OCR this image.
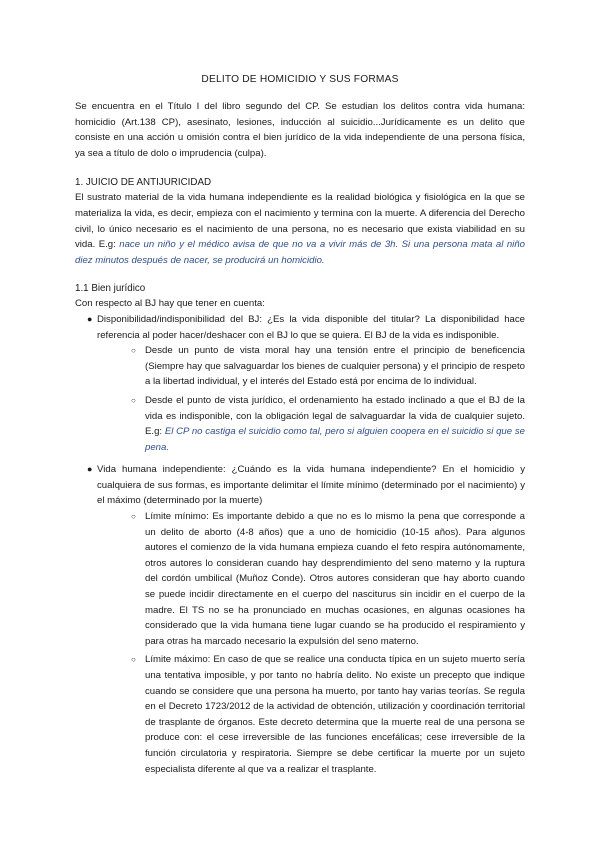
DELITO DE HOMICIDIO Y SUS FORMAS

Se encuentra en el Título I del libro segundo del CP. Se estudian los delitos contra vida humana: homicidio (Art.138 CP), asesinato, lesiones, inducción al suicidio...Jurídicamente es un delito que consiste en una acción u omisión contra el bien jurídico de la vida independiente de una persona física, ya sea a título de dolo o imprudencia (culpa).

1. JUICIO DE ANTIJURICIDAD

El sustrato material de la vida humana independiente es la realidad biológica y fisiológica en la que se materializa la vida, es decir, empieza con el nacimiento y termina con la muerte. A diferencia del Derecho civil, lo único necesario es el nacimiento de una persona, no es necesario que exista viabilidad en su vida. E.g: nace un niño y el médico avisa de que no va a vivir más de 3h. Si una persona mata al niño diez minutos después de nacer, se producirá un homicidio.

1.1 Bien jurídico

Con respecto al BJ hay que tener en cuenta:

● Disponibilidad/indisponibilidad del BJ: ¿Es la vida disponible del titular? La disponibilidad hace referencia al poder hacer/deshacer con el BJ lo que se quiera. El BJ de la vida es indisponible.
○ Desde un punto de vista moral hay una tensión entre el principio de beneficencia (Siempre hay que salvaguardar los bienes de cualquier persona) y el principio de respeto a la libertad individual, y el interés del Estado está por encima de lo individual.
○ Desde el punto de vista jurídico, el ordenamiento ha estado inclinado a que el BJ de la vida es indisponible, con la obligación legal de salvaguardar la vida de cualquier sujeto. E.g: El CP no castiga el suicidio como tal, pero si alguien coopera en el suicidio si que se pena.
● Vida humana independiente: ¿Cuándo es la vida humana independiente? En el homicidio y cualquiera de sus formas, es importante delimitar el límite mínimo (determinado por el nacimiento) y el máximo (determinado por la muerte)
○ Límite mínimo: Es importante debido a que no es lo mismo la pena que corresponde a un delito de aborto (4-8 años) que a uno de homicidio (10-15 años). Para algunos autores el comienzo de la vida humana empieza cuando el feto respira autónomamente, otros autores lo consideran cuando hay desprendimiento del seno materno y la ruptura del cordón umbilical (Muñoz Conde). Otros autores consideran que hay aborto cuando se puede incidir directamente en el cuerpo del nasciturus sin incidir en el cuerpo de la madre. El TS no se ha pronunciado en muchas ocasiones, en algunas ocasiones ha considerado que la vida humana tiene lugar cuando se ha producido el respiramiento y para otras ha marcado necesario la expulsión del seno materno.
○ Límite máximo: En caso de que se realice una conducta típica en un sujeto muerto sería una tentativa imposible, y por tanto no habría delito. No existe un precepto que indique cuando se considere que una persona ha muerto, por tanto hay varias teorías. Se regula en el Decreto 1723/2012 de la actividad de obtención, utilización y coordinación territorial de trasplante de órganos. Este decreto determina que la muerte real de una persona se produce con: el cese irreversible de las funciones encefálicas; cese irreversible de la función circulatoria y respiratoria. Siempre se debe certificar la muerte por un sujeto especialista diferente al que va a realizar el trasplante.
